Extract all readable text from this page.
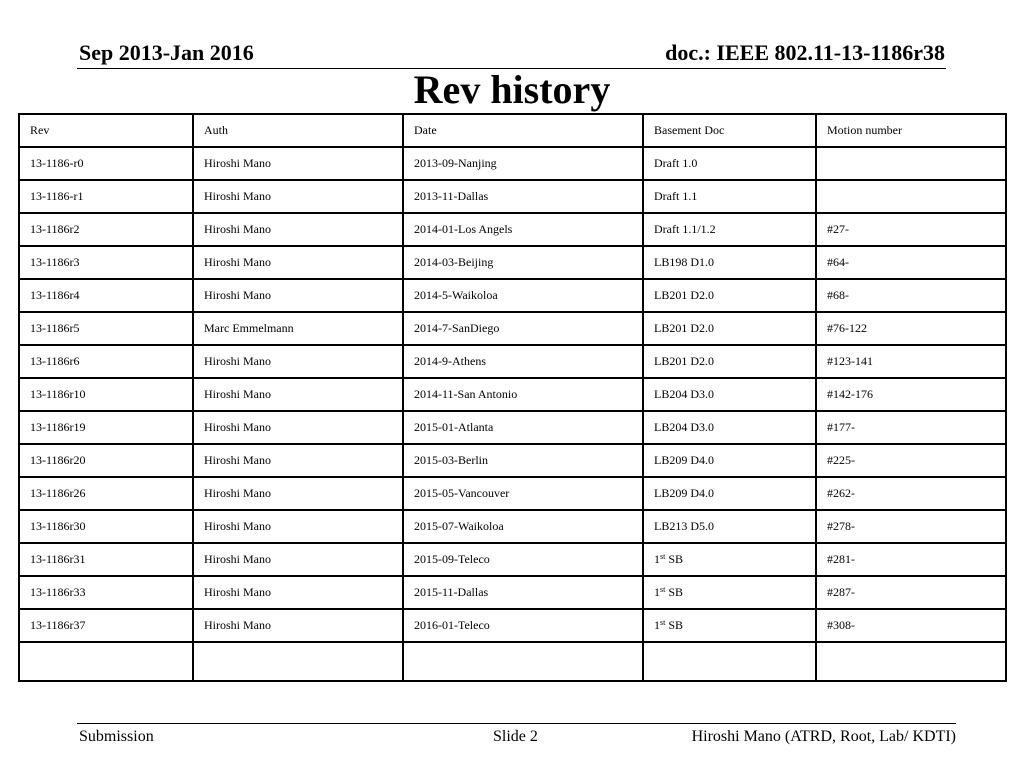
Sep 2013-Jan 2016	doc.: IEEE 802.11-13-1186r38
Rev history
Rev	Auth	Date	Basement Doc	Motion number
13-1186-r0	Hiroshi Mano	2013-09-Nanjing	Draft 1.0	
13-1186-r1	Hiroshi Mano	2013-11-Dallas	Draft 1.1	
13-1186r2	Hiroshi Mano	2014-01-Los Angels	Draft 1.1/1.2	#27-
13-1186r3	Hiroshi Mano	2014-03-Beijing	LB198 D1.0	#64-
13-1186r4	Hiroshi Mano	2014-5-Waikoloa	LB201 D2.0	#68-
13-1186r5	Marc Emmelmann	2014-7-SanDiego	LB201 D2.0	#76-122
13-1186r6	Hiroshi Mano	2014-9-Athens	LB201 D2.0	#123-141
13-1186r10	Hiroshi Mano	2014-11-San Antonio	LB204 D3.0	#142-176
13-1186r19	Hiroshi Mano	2015-01-Atlanta	LB204 D3.0	#177-
13-1186r20	Hiroshi Mano	2015-03-Berlin	LB209 D4.0	#225-
13-1186r26	Hiroshi Mano	2015-05-Vancouver	LB209 D4.0	#262-
13-1186r30	Hiroshi Mano	2015-07-Waikoloa	LB213 D5.0	#278-
13-1186r31	Hiroshi Mano	2015-09-Teleco	1st SB	#281-
13-1186r33	Hiroshi Mano	2015-11-Dallas	1st SB	#287-
13-1186r37	Hiroshi Mano	2016-01-Teleco	1st SB	#308-

Submission	Slide 2	Hiroshi Mano (ATRD, Root, Lab/ KDTI)
